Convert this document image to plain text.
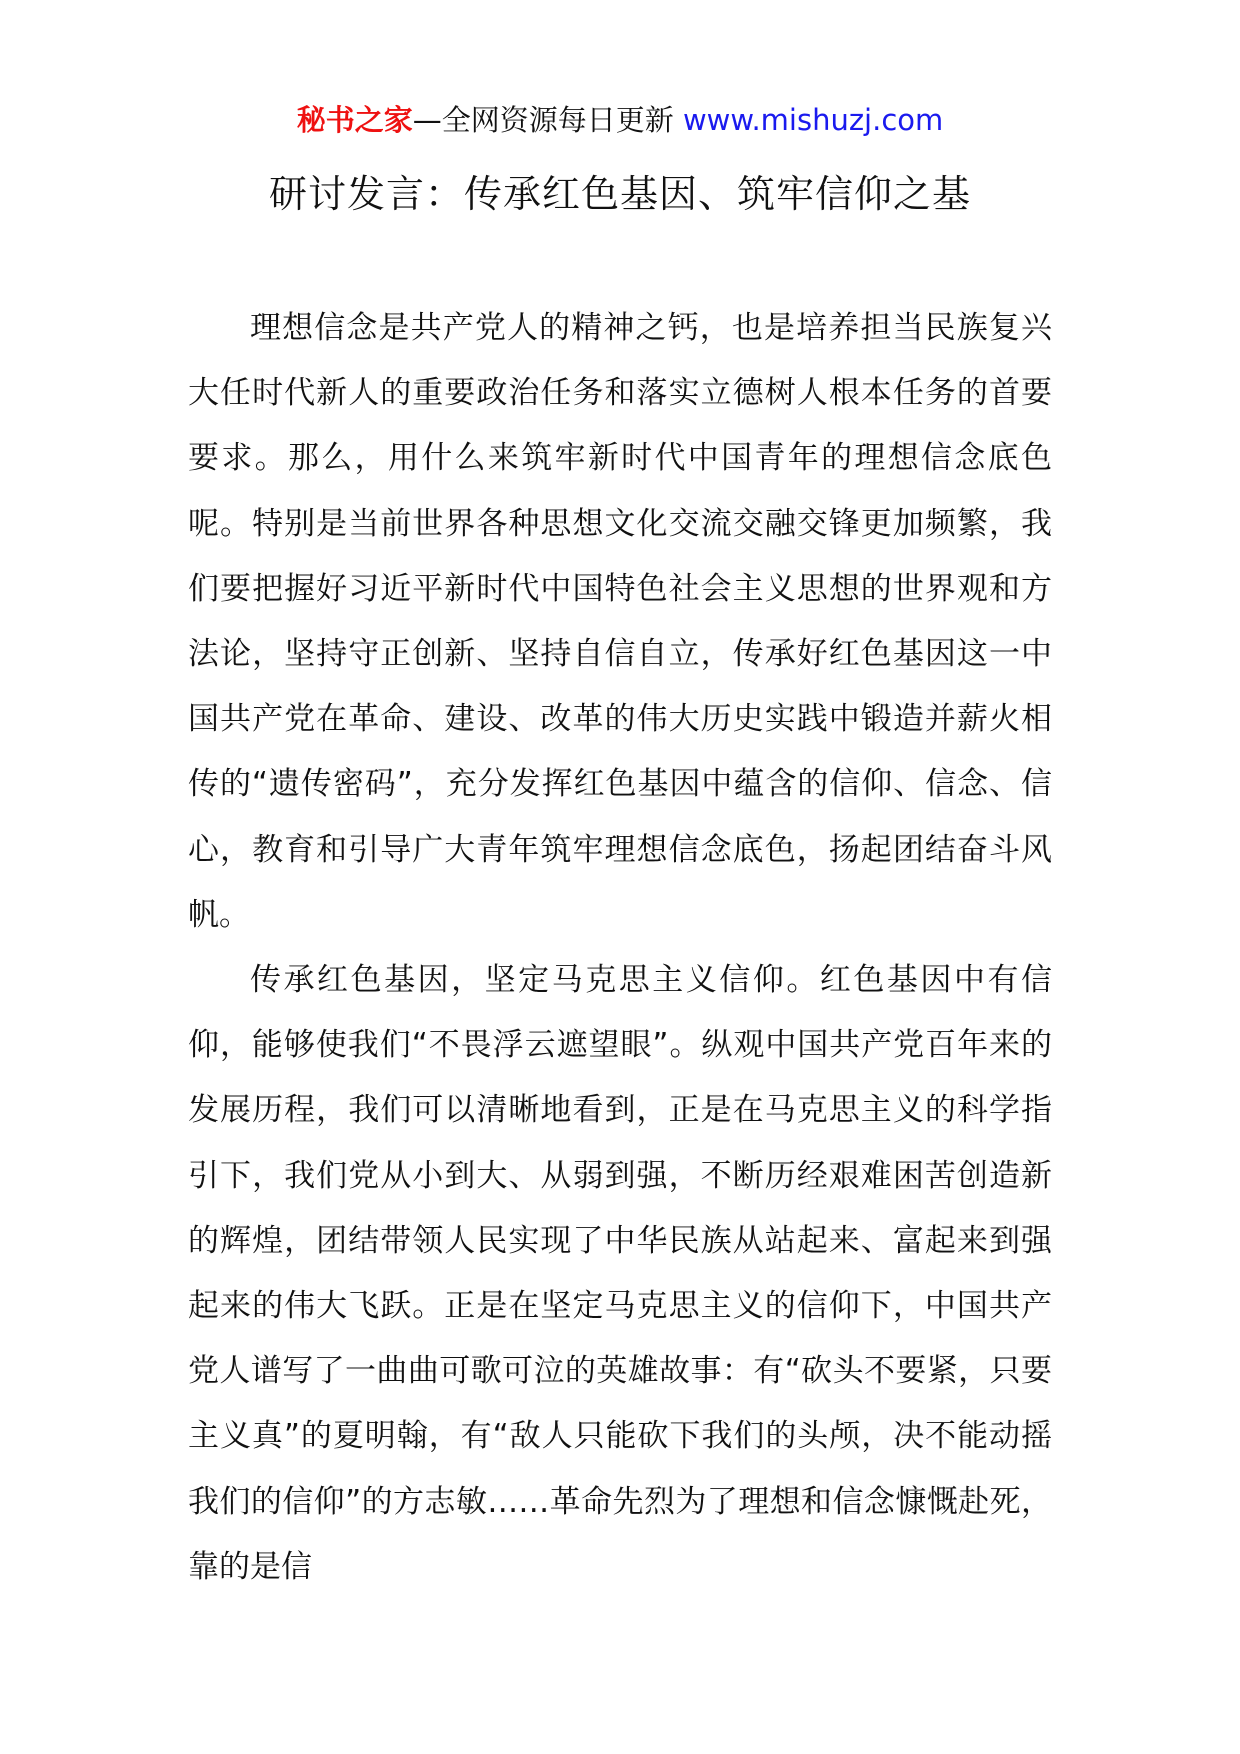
秘书之家—全网资源每日更新 www.mishuzj.com
研讨发言：传承红色基因、筑牢信仰之基

理想信念是共产党人的精神之钙，也是培养担当民族复兴大任时代新人的重要政治任务和落实立德树人根本任务的首要要求。那么，用什么来筑牢新时代中国青年的理想信念底色呢。特别是当前世界各种思想文化交流交融交锋更加频繁，我们要把握好习近平新时代中国特色社会主义思想的世界观和方法论，坚持守正创新、坚持自信自立，传承好红色基因这一中国共产党在革命、建设、改革的伟大历史实践中锻造并薪火相传的“遗传密码”，充分发挥红色基因中蕴含的信仰、信念、信心，教育和引导广大青年筑牢理想信念底色，扬起团结奋斗风帆。

传承红色基因，坚定马克思主义信仰。红色基因中有信仰，能够使我们“不畏浮云遮望眼”。纵观中国共产党百年来的发展历程，我们可以清晰地看到，正是在马克思主义的科学指引下，我们党从小到大、从弱到强，不断历经艰难困苦创造新的辉煌，团结带领人民实现了中华民族从站起来、富起来到强起来的伟大飞跃。正是在坚定马克思主义的信仰下，中国共产党人谱写了一曲曲可歌可泣的英雄故事：有“砍头不要紧，只要主义真”的夏明翰，有“敌人只能砍下我们的头颅，决不能动摇我们的信仰”的方志敏……革命先烈为了理想和信念慷慨赴死，靠的是信
